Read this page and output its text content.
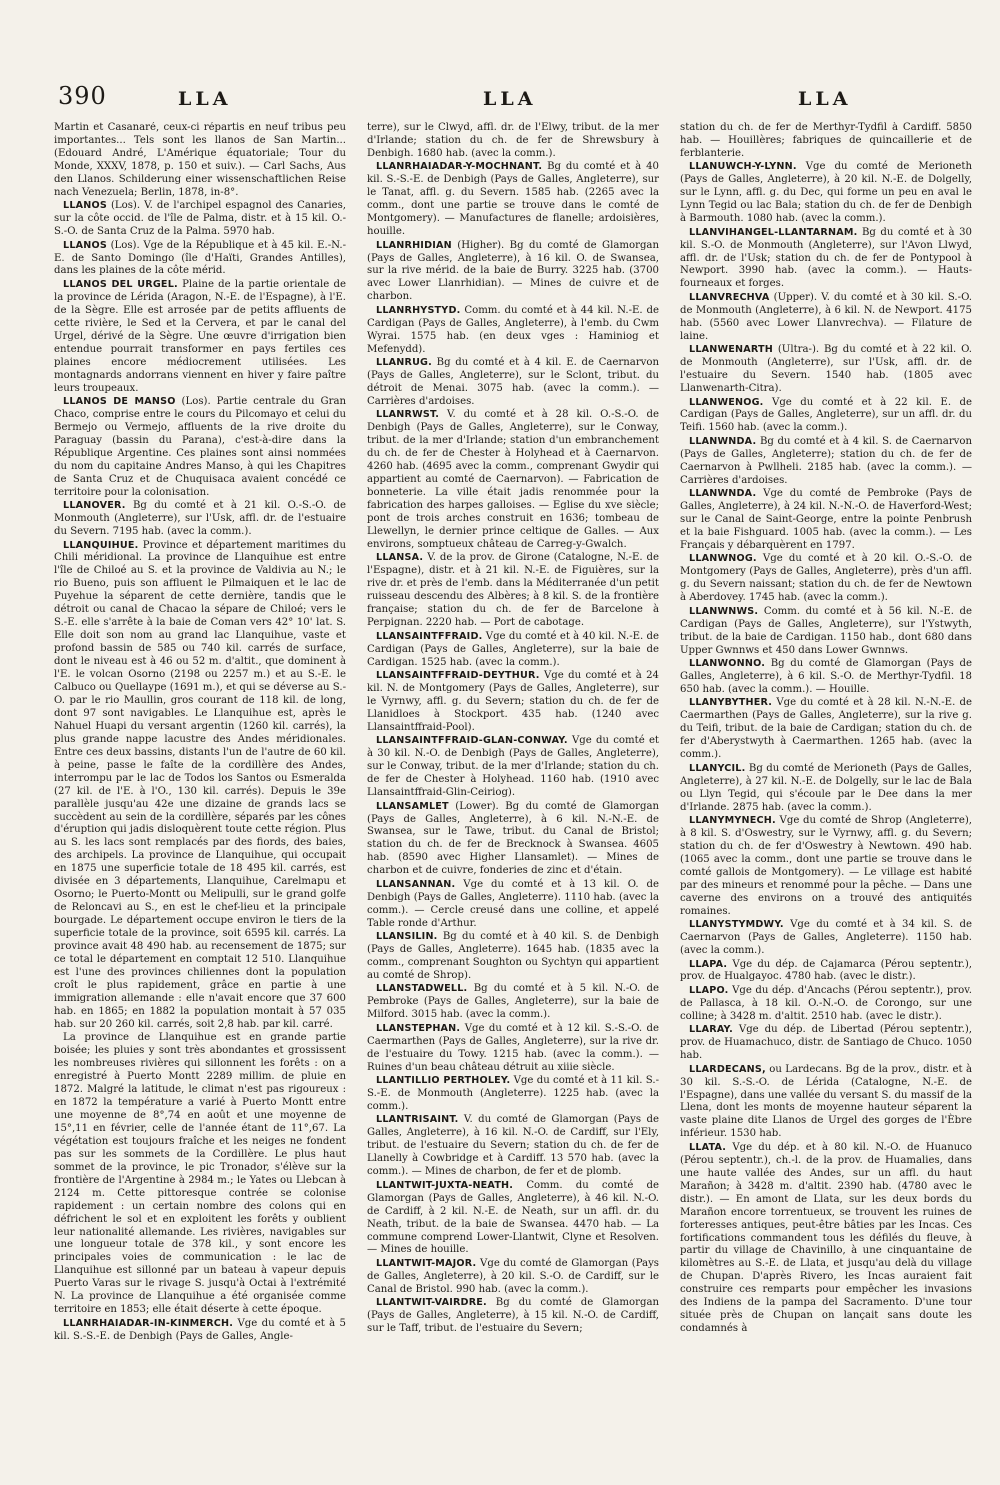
390	LLA	LLA	LLA

Martin et Casanaré, ceux-ci répartis en neuf tribus peu importantes... Tels sont les llanos de San Martin... (Edouard André, L'Amérique équatoriale; Tour du Monde, XXXV, 1878, p. 150 et suiv.). — Carl Sachs, Aus den Llanos. Schilderung einer wissenschaftlichen Reise nach Venezuela; Berlin, 1878, in-8°.

LLANOS (Los). V. de l'archipel espagnol des Canaries, sur la côte occid. de l'île de Palma, distr. et à 15 kil. O.-S.-O. de Santa Cruz de la Palma. 5970 hab.

LLANOS (Los). Vge de la République et à 45 kil. E.-N.-E. de Santo Domingo (île d'Haïti, Grandes Antilles), dans les plaines de la côte mérid.

LLANOS DEL URGEL. Plaine de la partie orientale de la province de Lérida (Aragon, N.-E. de l'Espagne), à l'E. de la Sègre. Elle est arrosée par de petits affluents de cette rivière, le Sed et la Cervera, et par le canal del Urgel, dérivé de la Sègre. Une œuvre d'irrigation bien entendue pourrait transformer en pays fertiles ces plaines encore médiocrement utilisées. Les montagnards andorrans viennent en hiver y faire paître leurs troupeaux.

LLANOS DE MANSO (Los). Partie centrale du Gran Chaco, comprise entre le cours du Pilcomayo et celui du Bermejo ou Vermejo, affluents de la rive droite du Paraguay (bassin du Parana), c'est-à-dire dans la République Argentine. Ces plaines sont ainsi nommées du nom du capitaine Andres Manso, à qui les Chapitres de Santa Cruz et de Chuquisaca avaient concédé ce territoire pour la colonisation.

LLANOVER. Bg du comté et à 21 kil. O.-S.-O. de Monmouth (Angleterre), sur l'Usk, affl. dr. de l'estuaire du Severn. 7195 hab. (avec la comm.).

LLANQUIHUE. Province et département maritimes du Chili méridional. La province de Llanquihue est entre l'île de Chiloé au S. et la province de Valdivia au N.; le rio Bueno, puis son affluent le Pilmaiquen et le lac de Puyehue la séparent de cette dernière, tandis que le détroit ou canal de Chacao la sépare de Chiloé; vers le S.-E. elle s'arrête à la baie de Coman vers 42° 10' lat. S. Elle doit son nom au grand lac Llanquihue, vaste et profond bassin de 585 ou 740 kil. carrés de surface, dont le niveau est à 46 ou 52 m. d'altit., que dominent à l'E. le volcan Osorno (2198 ou 2257 m.) et au S.-E. le Calbuco ou Quellaype (1691 m.), et qui se déverse au S.-O. par le rio Maullin, gros courant de 118 kil. de long, dont 97 sont navigables. Le Llanquihue est, après le Nahuel Huapi du versant argentin (1260 kil. carrés), la plus grande nappe lacustre des Andes méridionales. Entre ces deux bassins, distants l'un de l'autre de 60 kil. à peine, passe le faîte de la cordillère des Andes, interrompu par le lac de Todos los Santos ou Esmeralda (27 kil. de l'E. à l'O., 130 kil. carrés). Depuis le 39e parallèle jusqu'au 42e une dizaine de grands lacs se succèdent au sein de la cordillère, séparés par les cônes d'éruption qui jadis disloquèrent toute cette région. Plus au S. les lacs sont remplacés par des fiords, des baies, des archipels. La province de Llanquihue, qui occupait en 1875 une superficie totale de 18 495 kil. carrés, est divisée en 3 départements, Llanquihue, Carelmapu et Osorno; le Puerto-Montt ou Melipulli, sur le grand golfe de Reloncavi au S., en est le chef-lieu et la principale bourgade. Le département occupe environ le tiers de la superficie totale de la province, soit 6595 kil. carrés. La province avait 48 490 hab. au recensement de 1875; sur ce total le département en comptait 12 510. Llanquihue est l'une des provinces chiliennes dont la population croît le plus rapidement, grâce en partie à une immigration allemande : elle n'avait encore que 37 600 hab. en 1865; en 1882 la population montait à 57 035 hab. sur 20 260 kil. carrés, soit 2,8 hab. par kil. carré.

La province de Llanquihue est en grande partie boisée; les pluies y sont très abondantes et grossissent les nombreuses rivières qui sillonnent les forêts : on a enregistré à Puerto Montt 2289 millim. de pluie en 1872. Malgré la latitude, le climat n'est pas rigoureux : en 1872 la température a varié à Puerto Montt entre une moyenne de 8°,74 en août et une moyenne de 15°,11 en février, celle de l'année étant de 11°,67. La végétation est toujours fraîche et les neiges ne fondent pas sur les sommets de la Cordillère. Le plus haut sommet de la province, le pic Tronador, s'élève sur la frontière de l'Argentine à 2984 m.; le Yates ou Llebcan à 2124 m. Cette pittoresque contrée se colonise rapidement : un certain nombre des colons qui en défrichent le sol et en exploitent les forêts y oublient leur nationalité allemande. Les rivières, navigables sur une longueur totale de 378 kil., y sont encore les principales voies de communication : le lac de Llanquihue est sillonné par un bateau à vapeur depuis Puerto Varas sur le rivage S. jusqu'à Octai à l'extrémité N. La province de Llanquihue a été organisée comme territoire en 1853; elle était déserte à cette époque.

LLANRHAIADAR-IN-KINMERCH. Vge du comté et à 5 kil. S.-S.-E. de Denbigh (Pays de Galles, Angle-

terre), sur le Clwyd, affl. dr. de l'Elwy, tribut. de la mer d'Irlande; station du ch. de fer de Shrewsbury à Denbigh. 1680 hab. (avec la comm.).

LLANRHAIADAR-Y-MOCHNANT. Bg du comté et à 40 kil. S.-S.-E. de Denbigh (Pays de Galles, Angleterre), sur le Tanat, affl. g. du Severn. 1585 hab. (2265 avec la comm., dont une partie se trouve dans le comté de Montgomery). — Manufactures de flanelle; ardoisières, houille.

LLANRHIDIAN (Higher). Bg du comté de Glamorgan (Pays de Galles, Angleterre), à 16 kil. O. de Swansea, sur la rive mérid. de la baie de Burry. 3225 hab. (3700 avec Lower Llanrhidian). — Mines de cuivre et de charbon.

LLANRHYSTYD. Comm. du comté et à 44 kil. N.-E. de Cardigan (Pays de Galles, Angleterre), à l'emb. du Cwm Wyrai. 1575 hab. (en deux vges : Haminiog et Mefenydd).

LLANRUG. Bg du comté et à 4 kil. E. de Caernarvon (Pays de Galles, Angleterre), sur le Sclont, tribut. du détroit de Menai. 3075 hab. (avec la comm.). — Carrières d'ardoises.

LLANRWST. V. du comté et à 28 kil. O.-S.-O. de Denbigh (Pays de Galles, Angleterre), sur le Conway, tribut. de la mer d'Irlande; station d'un embranchement du ch. de fer de Chester à Holyhead et à Caernarvon. 4260 hab. (4695 avec la comm., comprenant Gwydir qui appartient au comté de Caernarvon). — Fabrication de bonneterie. La ville était jadis renommée pour la fabrication des harpes galloises. — Eglise du xve siècle; pont de trois arches construit en 1636; tombeau de Llewellyn, le dernier prince celtique de Galles. — Aux environs, somptueux château de Carreg-y-Gwalch.

LLANSA. V. de la prov. de Girone (Catalogne, N.-E. de l'Espagne), distr. et à 21 kil. N.-E. de Figuières, sur la rive dr. et près de l'emb. dans la Méditerranée d'un petit ruisseau descendu des Albères; à 8 kil. S. de la frontière française; station du ch. de fer de Barcelone à Perpignan. 2220 hab. — Port de cabotage.

LLANSAINTFFRAID. Vge du comté et à 40 kil. N.-E. de Cardigan (Pays de Galles, Angleterre), sur la baie de Cardigan. 1525 hab. (avec la comm.).

LLANSAINTFFRAID-DEYTHUR. Vge du comté et à 24 kil. N. de Montgomery (Pays de Galles, Angleterre), sur le Vyrnwy, affl. g. du Severn; station du ch. de fer de Llanidloes à Stockport. 435 hab. (1240 avec Llansaintffraid-Pool).

LLANSAINTFFRAID-GLAN-CONWAY. Vge du comté et à 30 kil. N.-O. de Denbigh (Pays de Galles, Angleterre), sur le Conway, tribut. de la mer d'Irlande; station du ch. de fer de Chester à Holyhead. 1160 hab. (1910 avec Llansaintffraid-Glin-Ceiriog).

LLANSAMLET (Lower). Bg du comté de Glamorgan (Pays de Galles, Angleterre), à 6 kil. N.-N.-E. de Swansea, sur le Tawe, tribut. du Canal de Bristol; station du ch. de fer de Brecknock à Swansea. 4605 hab. (8590 avec Higher Llansamlet). — Mines de charbon et de cuivre, fonderies de zinc et d'étain.

LLANSANNAN. Vge du comté et à 13 kil. O. de Denbigh (Pays de Galles, Angleterre). 1110 hab. (avec la comm.). — Cercle creusé dans une colline, et appelé Table ronde d'Arthur.

LLANSILIN. Bg du comté et à 40 kil. S. de Denbigh (Pays de Galles, Angleterre). 1645 hab. (1835 avec la comm., comprenant Soughton ou Sychtyn qui appartient au comté de Shrop).

LLANSTADWELL. Bg du comté et à 5 kil. N.-O. de Pembroke (Pays de Galles, Angleterre), sur la baie de Milford. 3015 hab. (avec la comm.).

LLANSTEPHAN. Vge du comté et à 12 kil. S.-S.-O. de Caermarthen (Pays de Galles, Angleterre), sur la rive dr. de l'estuaire du Towy. 1215 hab. (avec la comm.). — Ruines d'un beau château détruit au xiiie siècle.

LLANTILLIO PERTHOLEY. Vge du comté et à 11 kil. S.-S.-E. de Monmouth (Angleterre). 1225 hab. (avec la comm.).

LLANTRISAINT. V. du comté de Glamorgan (Pays de Galles, Angleterre), à 16 kil. N.-O. de Cardiff, sur l'Ely, tribut. de l'estuaire du Severn; station du ch. de fer de Llanelly à Cowbridge et à Cardiff. 13 570 hab. (avec la comm.). — Mines de charbon, de fer et de plomb.

LLANTWIT-JUXTA-NEATH. Comm. du comté de Glamorgan (Pays de Galles, Angleterre), à 46 kil. N.-O. de Cardiff, à 2 kil. N.-E. de Neath, sur un affl. dr. du Neath, tribut. de la baie de Swansea. 4470 hab. — La commune comprend Lower-Llantwit, Clyne et Resolven. — Mines de houille.

LLANTWIT-MAJOR. Vge du comté de Glamorgan (Pays de Galles, Angleterre), à 20 kil. S.-O. de Cardiff, sur le Canal de Bristol. 990 hab. (avec la comm.).

LLANTWIT-VAIRDRE. Bg du comté de Glamorgan (Pays de Galles, Angleterre), à 15 kil. N.-O. de Cardiff, sur le Taff, tribut. de l'estuaire du Severn;

station du ch. de fer de Merthyr-Tydfil à Cardiff. 5850 hab. — Houillères; fabriques de quincaillerie et de ferblanterie.

LLANUWCH-Y-LYNN. Vge du comté de Merioneth (Pays de Galles, Angleterre), à 20 kil. N.-E. de Dolgelly, sur le Lynn, affl. g. du Dec, qui forme un peu en aval le Lynn Tegid ou lac Bala; station du ch. de fer de Denbigh à Barmouth. 1080 hab. (avec la comm.).

LLANVIHANGEL-LLANTARNAM. Bg du comté et à 30 kil. S.-O. de Monmouth (Angleterre), sur l'Avon Llwyd, affl. dr. de l'Usk; station du ch. de fer de Pontypool à Newport. 3990 hab. (avec la comm.). — Hauts-fourneaux et forges.

LLANVRECHVA (Upper). V. du comté et à 30 kil. S.-O. de Monmouth (Angleterre), à 6 kil. N. de Newport. 4175 hab. (5560 avec Lower Llanvrechva). — Filature de laine.

LLANWENARTH (Ultra-). Bg du comté et à 22 kil. O. de Monmouth (Angleterre), sur l'Usk, affl. dr. de l'estuaire du Severn. 1540 hab. (1805 avec Llanwenarth-Citra).

LLANWENOG. Vge du comté et à 22 kil. E. de Cardigan (Pays de Galles, Angleterre), sur un affl. dr. du Teifi. 1560 hab. (avec la comm.).

LLANWNDA. Bg du comté et à 4 kil. S. de Caernarvon (Pays de Galles, Angleterre); station du ch. de fer de Caernarvon à Pwllheli. 2185 hab. (avec la comm.). — Carrières d'ardoises.

LLANWNDA. Vge du comté de Pembroke (Pays de Galles, Angleterre), à 24 kil. N.-N.-O. de Haverford-West; sur le Canal de Saint-George, entre la pointe Penbrush et la baie Fishguard. 1005 hab. (avec la comm.). — Les Français y débarquèrent en 1797.

LLANWNOG. Vge du comté et à 20 kil. O.-S.-O. de Montgomery (Pays de Galles, Angleterre), près d'un affl. g. du Severn naissant; station du ch. de fer de Newtown à Aberdovey. 1745 hab. (avec la comm.).

LLANWNWS. Comm. du comté et à 56 kil. N.-E. de Cardigan (Pays de Galles, Angleterre), sur l'Ystwyth, tribut. de la baie de Cardigan. 1150 hab., dont 680 dans Upper Gwnnws et 450 dans Lower Gwnnws.

LLANWONNO. Bg du comté de Glamorgan (Pays de Galles, Angleterre), à 6 kil. S.-O. de Merthyr-Tydfil. 18 650 hab. (avec la comm.). — Houille.

LLANYBYTHER. Vge du comté et à 28 kil. N.-N.-E. de Caermarthen (Pays de Galles, Angleterre), sur la rive g. du Teifi, tribut. de la baie de Cardigan; station du ch. de fer d'Aberystwyth à Caermarthen. 1265 hab. (avec la comm.).

LLANYCIL. Bg du comté de Merioneth (Pays de Galles, Angleterre), à 27 kil. N.-E. de Dolgelly, sur le lac de Bala ou Llyn Tegid, qui s'écoule par le Dee dans la mer d'Irlande. 2875 hab. (avec la comm.).

LLANYMYNECH. Vge du comté de Shrop (Angleterre), à 8 kil. S. d'Oswestry, sur le Vyrnwy, affl. g. du Severn; station du ch. de fer d'Oswestry à Newtown. 490 hab. (1065 avec la comm., dont une partie se trouve dans le comté gallois de Montgomery). — Le village est habité par des mineurs et renommé pour la pêche. — Dans une caverne des environs on a trouvé des antiquités romaines.

LLANYSTYMDWY. Vge du comté et à 34 kil. S. de Caernarvon (Pays de Galles, Angleterre). 1150 hab. (avec la comm.).

LLAPA. Vge du dép. de Cajamarca (Pérou septentr.), prov. de Hualgayoc. 4780 hab. (avec le distr.).

LLAPO. Vge du dép. d'Ancachs (Pérou septentr.), prov. de Pallasca, à 18 kil. O.-N.-O. de Corongo, sur une colline; à 3428 m. d'altit. 2510 hab. (avec le distr.).

LLARAY. Vge du dép. de Libertad (Pérou septentr.), prov. de Huamachuco, distr. de Santiago de Chuco. 1050 hab.

LLARDECANS, ou Lardecans. Bg de la prov., distr. et à 30 kil. S.-S.-O. de Lérida (Catalogne, N.-E. de l'Espagne), dans une vallée du versant S. du massif de la Llena, dont les monts de moyenne hauteur séparent la vaste plaine dite Llanos de Urgel des gorges de l'Èbre inférieur. 1530 hab.

LLATA. Vge du dép. et à 80 kil. N.-O. de Huanuco (Pérou septentr.), ch.-l. de la prov. de Huamalies, dans une haute vallée des Andes, sur un affl. du haut Marañon; à 3428 m. d'altit. 2390 hab. (4780 avec le distr.). — En amont de Llata, sur les deux bords du Marañon encore torrentueux, se trouvent les ruines de forteresses antiques, peut-être bâties par les Incas. Ces fortifications commandent tous les défilés du fleuve, à partir du village de Chavinillo, à une cinquantaine de kilomètres au S.-E. de Llata, et jusqu'au delà du village de Chupan. D'après Rivero, les Incas auraient fait construire ces remparts pour empêcher les invasions des Indiens de la pampa del Sacramento. D'une tour située près de Chupan on lançait sans doute les condamnés à
